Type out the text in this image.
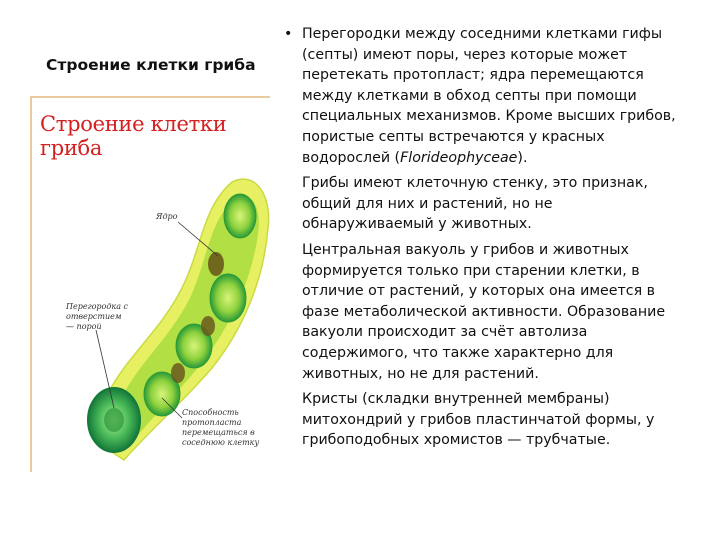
Строение клетки гриба
Строение клетки гриба
Ядро
Перегородка с отверстием — порой
Способность протопласта перемещаться в соседнюю клетку

• Перегородки между соседними клетками гифы (септы) имеют поры, через которые может перетекать протопласт; ядра перемещаются между клетками в обход септы при помощи специальных механизмов. Кроме высших грибов, пористые септы встречаются у красных водорослей (Florideophyceae).

Грибы имеют клеточную стенку, это признак, общий для них и растений, но не обнаруживаемый у животных.

Центральная вакуоль у грибов и животных формируется только при старении клетки, в отличие от растений, у которых она имеется в фазе метаболической активности. Образование вакуоли происходит за счёт автолиза содержимого, что также характерно для животных, но не для растений.

Кристы (складки внутренней мембраны) митохондрий у грибов пластинчатой формы, у грибоподобных хромистов — трубчатые.
